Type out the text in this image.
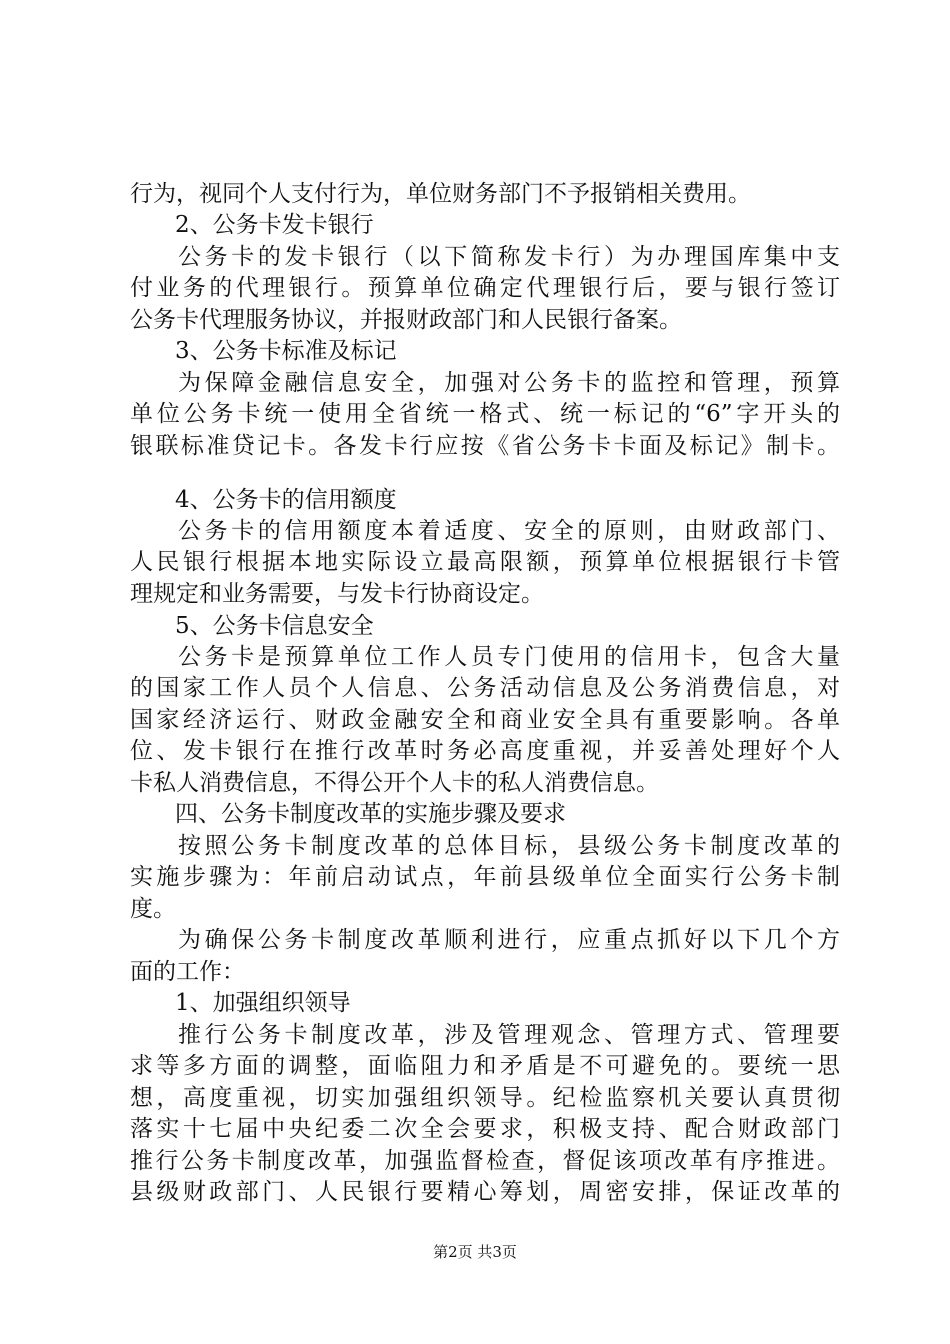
行为，视同个人支付行为，单位财务部门不予报销相关费用。
2、公务卡发卡银行
公务卡的发卡银行（以下简称发卡行）为办理国库集中支
付业务的代理银行。预算单位确定代理银行后，要与银行签订
公务卡代理服务协议，并报财政部门和人民银行备案。
3、公务卡标准及标记
为保障金融信息安全，加强对公务卡的监控和管理，预算
单位公务卡统一使用全省统一格式、统一标记的“6”字开头的
银联标准贷记卡。各发卡行应按《省公务卡卡面及标记》制卡。
4、公务卡的信用额度
公务卡的信用额度本着适度、安全的原则，由财政部门、
人民银行根据本地实际设立最高限额，预算单位根据银行卡管
理规定和业务需要，与发卡行协商设定。
5、公务卡信息安全
公务卡是预算单位工作人员专门使用的信用卡，包含大量
的国家工作人员个人信息、公务活动信息及公务消费信息，对
国家经济运行、财政金融安全和商业安全具有重要影响。各单
位、发卡银行在推行改革时务必高度重视，并妥善处理好个人
卡私人消费信息，不得公开个人卡的私人消费信息。
四、公务卡制度改革的实施步骤及要求
按照公务卡制度改革的总体目标，县级公务卡制度改革的
实施步骤为：年前启动试点，年前县级单位全面实行公务卡制
度。
为确保公务卡制度改革顺利进行，应重点抓好以下几个方
面的工作：
1、加强组织领导
推行公务卡制度改革，涉及管理观念、管理方式、管理要
求等多方面的调整，面临阻力和矛盾是不可避免的。要统一思
想，高度重视，切实加强组织领导。纪检监察机关要认真贯彻
落实十七届中央纪委二次全会要求，积极支持、配合财政部门
推行公务卡制度改革，加强监督检查，督促该项改革有序推进。
县级财政部门、人民银行要精心筹划，周密安排，保证改革的
第2页 共3页
